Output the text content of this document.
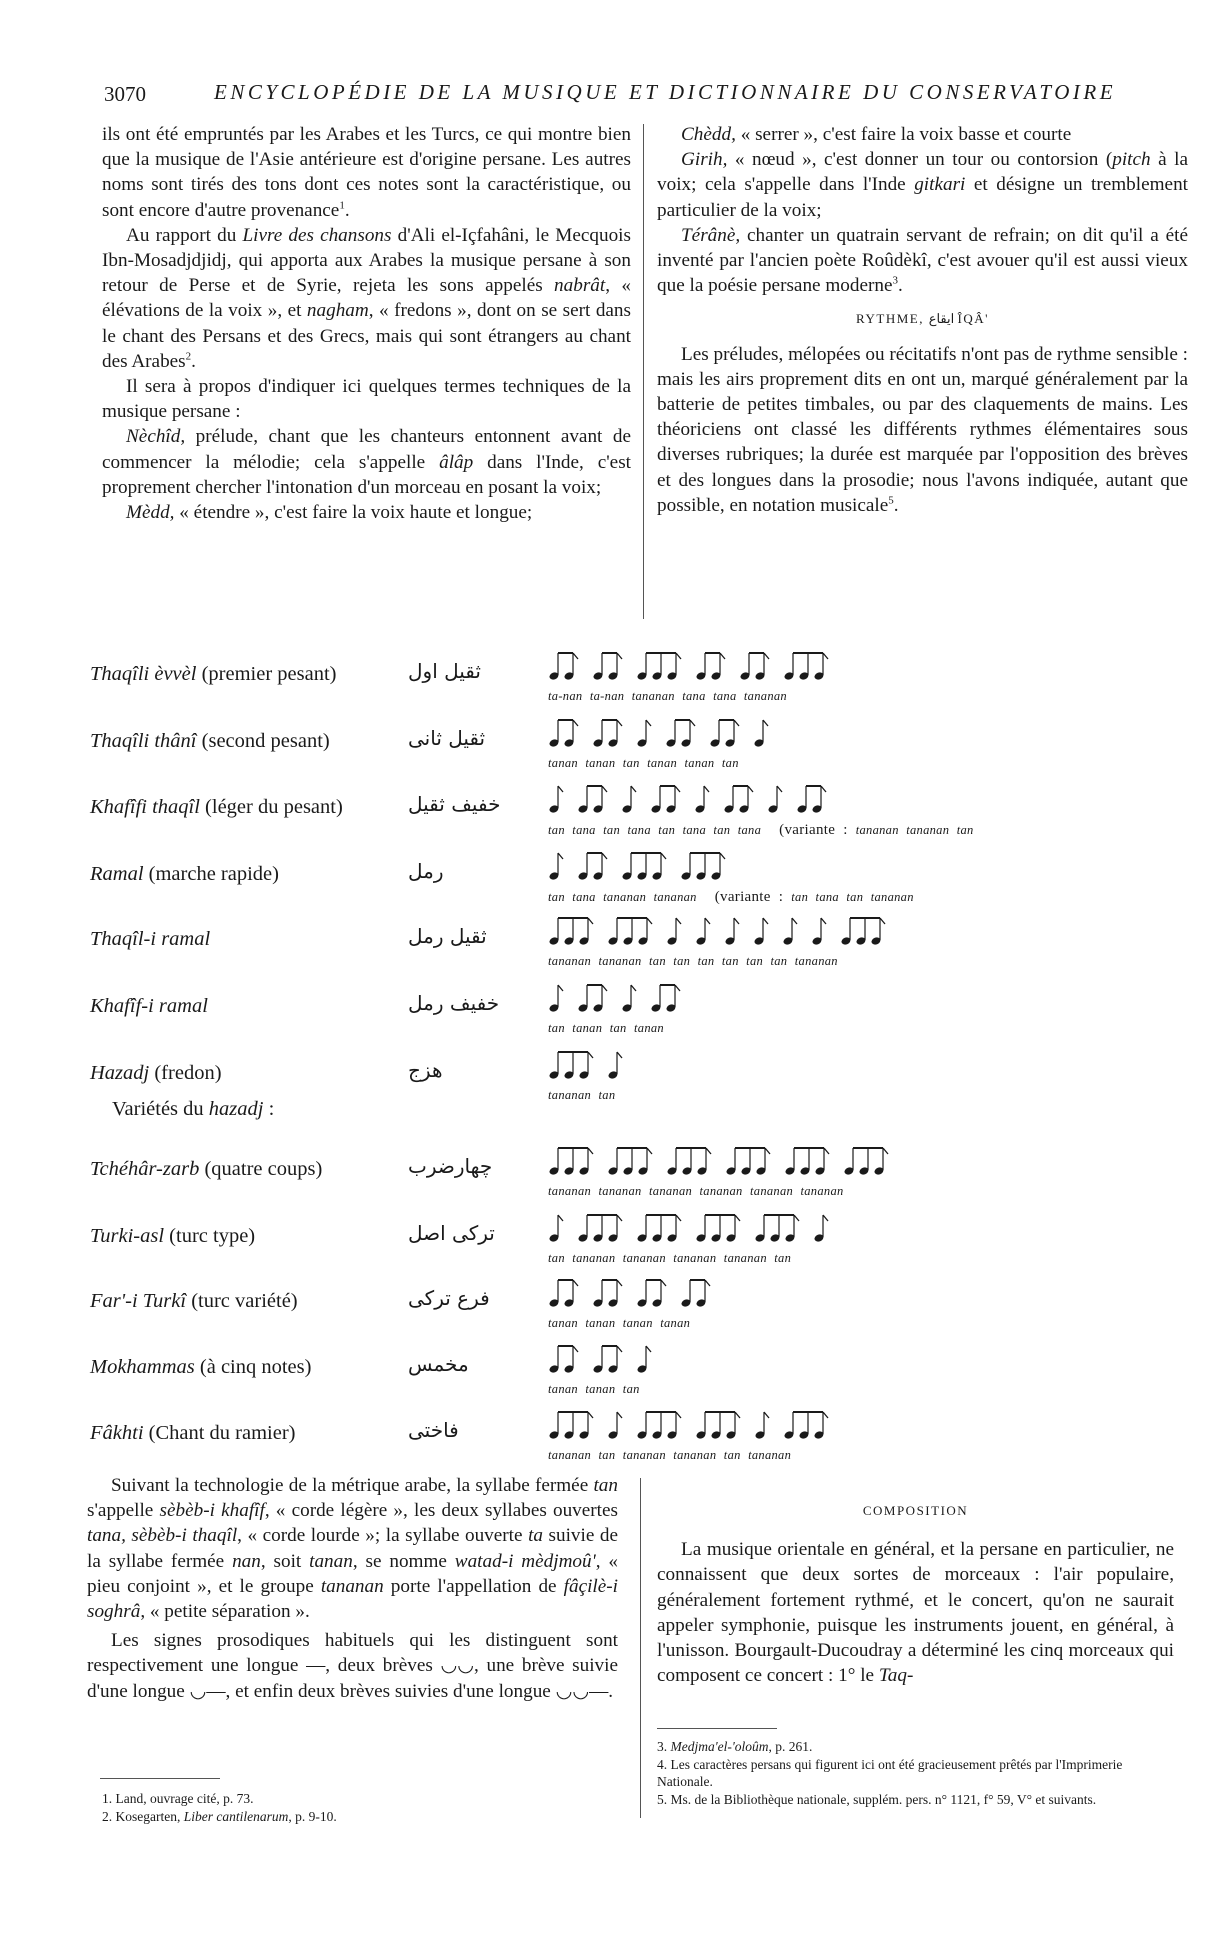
3070	ENCYCLOPÉDIE DE LA MUSIQUE ET DICTIONNAIRE DU CONSERVATOIRE

ils ont été empruntés par les Arabes et les Turcs, ce qui montre bien que la musique de l'Asie antérieure est d'origine persane. Les autres noms sont tirés des tons dont ces notes sont la caractéristique, ou sont encore d'autre provenance$^1$.

Au rapport du Livre des chansons d'Ali el-Içfahâni, le Mecquois Ibn-Mosadjdjidj, qui apporta aux Arabes la musique persane à son retour de Perse et de Syrie, rejeta les sons appelés nabrât, « élévations de la voix », et nagham, « fredons », dont on se sert dans le chant des Persans et des Grecs, mais qui sont étrangers au chant des Arabes$^2$.

Il sera à propos d'indiquer ici quelques termes techniques de la musique persane :

Nèchîd, prélude, chant que les chanteurs entonnent avant de commencer la mélodie; cela s'appelle âlâp dans l'Inde, c'est proprement chercher l'intonation d'un morceau en posant la voix;

Mèdd, « étendre », c'est faire la voix haute et longue;

Chèdd, « serrer », c'est faire la voix basse et courte

Girih, « nœud », c'est donner un tour ou contorsion (pitch à la voix; cela s'appelle dans l'Inde gitkari et désigne un tremblement particulier de la voix;

Térânè, chanter un quatrain servant de refrain; on dit qu'il a été inventé par l'ancien poète Roûdèkî, c'est avouer qu'il est aussi vieux que la poésie persane moderne$^3$.

RYTHME, ایقاع ÎQÂ'

Les préludes, mélopées ou récitatifs n'ont pas de rythme sensible : mais les airs proprement dits en ont un, marqué généralement par la batterie de petites timbales, ou par des claquements de mains. Les théoriciens ont classé les différents rythmes élémentaires sous diverses rubriques; la durée est marquée par l'opposition des brèves et des longues dans la prosodie; nous l'avons indiquée, autant que possible, en notation musicale$^5$.

Thaqîli èvvèl (premier pesant)	ثقیل اول
ta-nan ta-nan tananan tana tana tananan
Thaqîli thânî (second pesant)	ثقیل ثانی
tanan tanan tan tanan tanan tan
Khafîfi thaqîl (léger du pesant)	خفیف ثقیل
tan tana tan tana tan tana tan tana (variante : tananan tananan tan
Ramal (marche rapide)	رمل
tan tana tananan tananan (variante : tan tana tan tananan
Thaqîl-i ramal	ثقیل رمل
tananan tananan tan tan tan tan tan tan tananan
Khafîf-i ramal	خفیف رمل
tan tanan tan tanan
Hazadj (fredon)	هزج
tananan tan
Tchéhâr-zarb (quatre coups)	چهارضرب
tananan tananan tananan tananan tananan tananan
Turki-asl (turc type)	ترکی اصل
tan tananan tananan tananan tananan tan
Far'-i Turkî (turc variété)	فرع ترکی
tanan tanan tanan tanan
Mokhammas (à cinq notes)	مخمس
tanan tanan tan
Fâkhti (Chant du ramier)	فاختی
tananan tan tananan tananan tan tananan
Variétés du hazadj :

Suivant la technologie de la métrique arabe, la syllabe fermée tan s'appelle sèbèb-i khafîf, « corde légère », les deux syllabes ouvertes tana, sèbèb-i thaqîl, « corde lourde »; la syllabe ouverte ta suivie de la syllabe fermée nan, soit tanan, se nomme watad-i mèdjmoû', « pieu conjoint », et le groupe tananan porte l'appellation de fâçilè-i soghrâ, « petite séparation ».

Les signes prosodiques habituels qui les distinguent sont respectivement une longue —, deux brèves ◡◡, une brève suivie d'une longue ◡—, et enfin deux brèves suivies d'une longue ◡◡—.

1. Land, ouvrage cité, p. 73.
2. Kosegarten, Liber cantilenarum, p. 9-10.
COMPOSITION

La musique orientale en général, et la persane en particulier, ne connaissent que deux sortes de morceaux : l'air populaire, généralement fortement rythmé, et le concert, qu'on ne saurait appeler symphonie, puisque les instruments jouent, en général, à l'unisson. Bourgault-Ducoudray a déterminé les cinq morceaux qui composent ce concert : 1° le Taq-

3. Medjma'el-'oloûm, p. 261.
4. Les caractères persans qui figurent ici ont été gracieusement prêtés par l'Imprimerie Nationale.
5. Ms. de la Bibliothèque nationale, supplém. pers. n° 1121, f° 59, V° et suivants.
